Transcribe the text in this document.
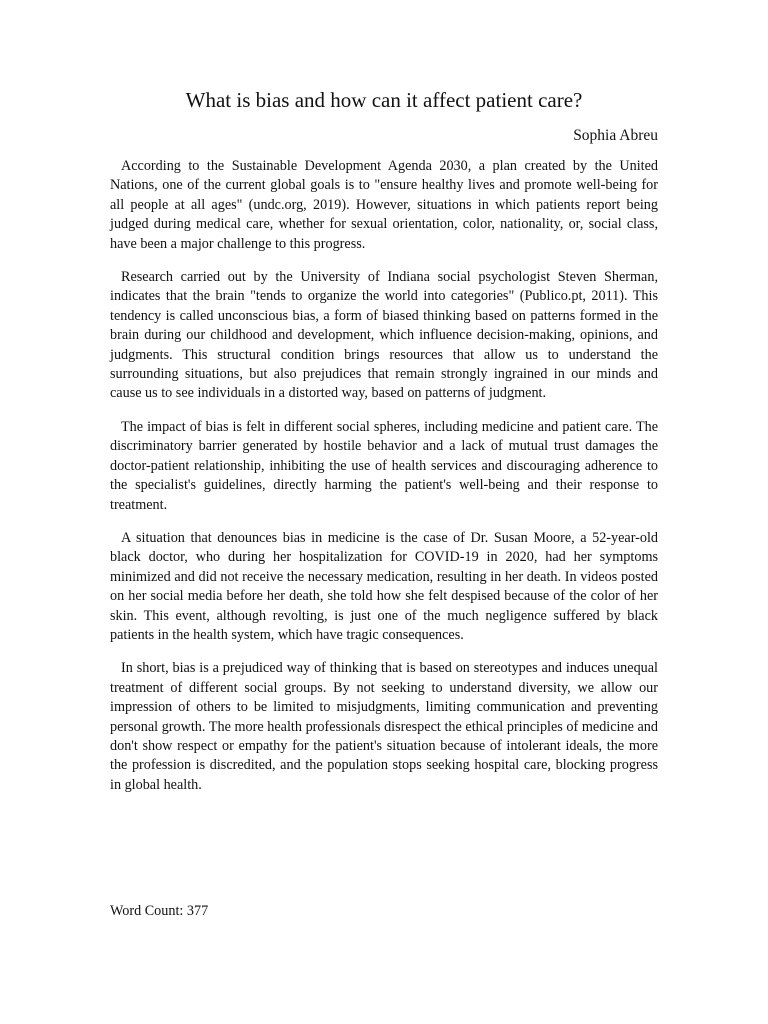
What is bias and how can it affect patient care?

Sophia Abreu

According to the Sustainable Development Agenda 2030, a plan created by the United Nations, one of the current global goals is to "ensure healthy lives and promote well-being for all people at all ages" (undc.org, 2019). However, situations in which patients report being judged during medical care, whether for sexual orientation, color, nationality, or, social class, have been a major challenge to this progress.

Research carried out by the University of Indiana social psychologist Steven Sherman, indicates that the brain "tends to organize the world into categories" (Publico.pt, 2011). This tendency is called unconscious bias, a form of biased thinking based on patterns formed in the brain during our childhood and development, which influence decision-making, opinions, and judgments. This structural condition brings resources that allow us to understand the surrounding situations, but also prejudices that remain strongly ingrained in our minds and cause us to see individuals in a distorted way, based on patterns of judgment.

The impact of bias is felt in different social spheres, including medicine and patient care. The discriminatory barrier generated by hostile behavior and a lack of mutual trust damages the doctor-patient relationship, inhibiting the use of health services and discouraging adherence to the specialist's guidelines, directly harming the patient's well-being and their response to treatment.

A situation that denounces bias in medicine is the case of Dr. Susan Moore, a 52-year-old black doctor, who during her hospitalization for COVID-19 in 2020, had her symptoms minimized and did not receive the necessary medication, resulting in her death. In videos posted on her social media before her death, she told how she felt despised because of the color of her skin. This event, although revolting, is just one of the much negligence suffered by black patients in the health system, which have tragic consequences.

In short, bias is a prejudiced way of thinking that is based on stereotypes and induces unequal treatment of different social groups. By not seeking to understand diversity, we allow our impression of others to be limited to misjudgments, limiting communication and preventing personal growth. The more health professionals disrespect the ethical principles of medicine and don't show respect or empathy for the patient's situation because of intolerant ideals, the more the profession is discredited, and the population stops seeking hospital care, blocking progress in global health.

Word Count: 377
